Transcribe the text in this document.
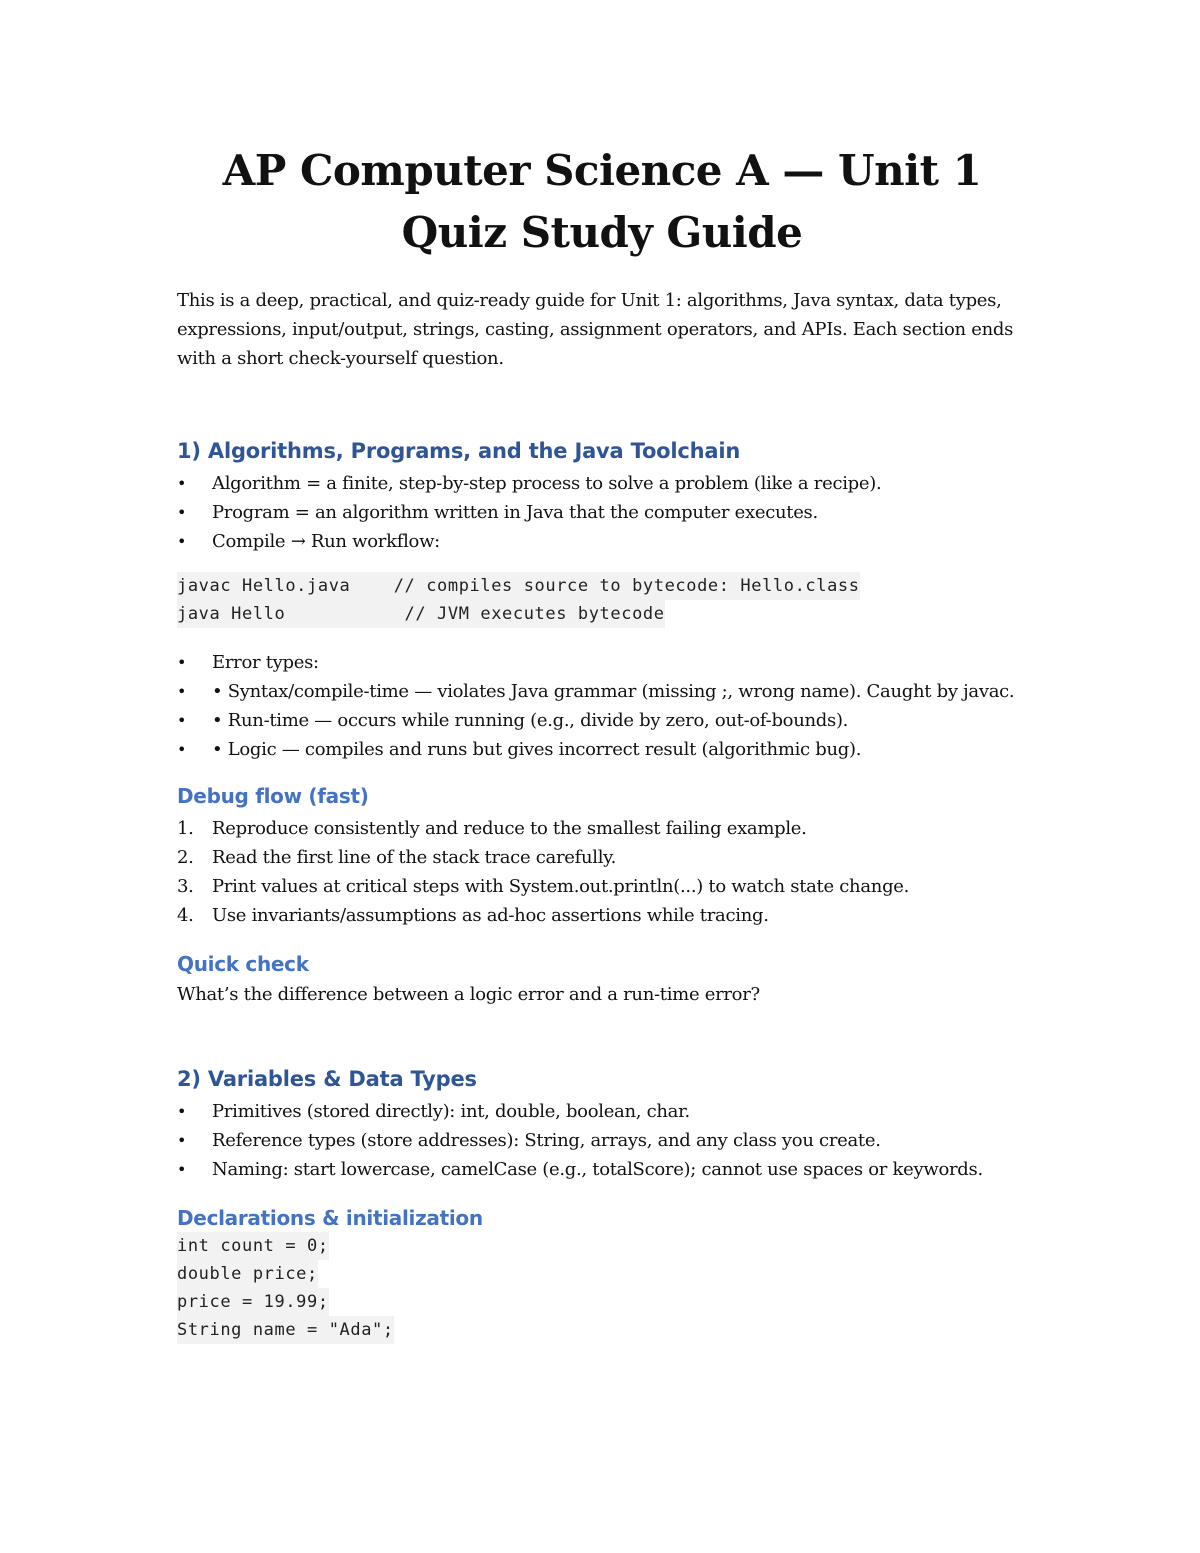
AP Computer Science A — Unit 1 Quiz Study Guide

This is a deep, practical, and quiz-ready guide for Unit 1: algorithms, Java syntax, data types, expressions, input/output, strings, casting, assignment operators, and APIs. Each section ends with a short check-yourself question.

1) Algorithms, Programs, and the Java Toolchain
• Algorithm = a finite, step-by-step process to solve a problem (like a recipe).
• Program = an algorithm written in Java that the computer executes.
• Compile → Run workflow:
javac Hello.java    // compiles source to bytecode: Hello.class
java Hello           // JVM executes bytecode
• Error types:
• • Syntax/compile-time — violates Java grammar (missing ;, wrong name). Caught by javac.
• • Run-time — occurs while running (e.g., divide by zero, out-of-bounds).
• • Logic — compiles and runs but gives incorrect result (algorithmic bug).
Debug flow (fast)
1. Reproduce consistently and reduce to the smallest failing example.
2. Read the first line of the stack trace carefully.
3. Print values at critical steps with System.out.println(...) to watch state change.
4. Use invariants/assumptions as ad-hoc assertions while tracing.
Quick check
What’s the difference between a logic error and a run-time error?
2) Variables & Data Types
• Primitives (stored directly): int, double, boolean, char.
• Reference types (store addresses): String, arrays, and any class you create.
• Naming: start lowercase, camelCase (e.g., totalScore); cannot use spaces or keywords.
Declarations & initialization
int count = 0;
double price;
price = 19.99;
String name = "Ada";
